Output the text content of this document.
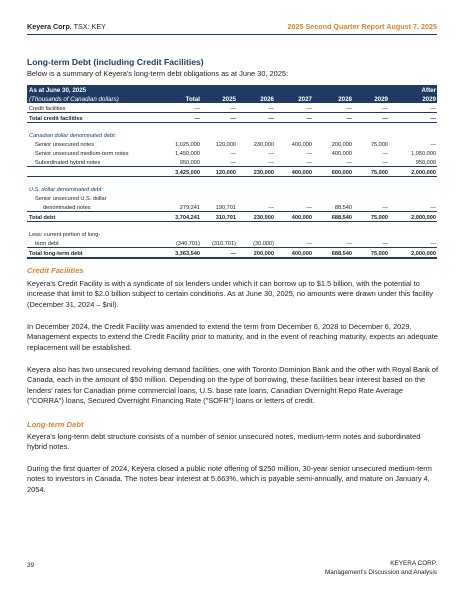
Keyera Corp. TSX: KEY	2025 Second Quarter Report August 7, 2025
Long-term Debt (including Credit Facilities)
Below is a summary of Keyera's long-term debt obligations as at June 30, 2025:
As at June 30, 2025							After
(Thousands of Canadian dollars)	Total	2025	2026	2027	2028	2029	2029
Credit facilities	—	—	—	—	—	—	—
Total credit facilities	—	—	—	—	—	—	—

Canadian dollar denominated debt:							
Senior unsecured notes	1,025,000	120,000	230,000	400,000	200,000	75,000	—
Senior unsecured medium-term notes	1,450,000	—	—	—	400,000	—	1,050,000
Subordinated hybrid notes	950,000	—	—	—	—	—	950,000
	3,425,000	120,000	230,000	400,000	600,000	75,000	2,000,000

U.S. dollar denominated debt:							
Senior unsecured U.S. dollar							
denominated notes	279,241	190,701	—	—	88,540	—	—
Total debt	3,704,241	310,701	230,000	400,000	688,540	75,000	2,000,000

Less: current portion of long-							
term debt	(340,701)	(310,701)	(30,000)	—	—	—	—
Total long-term debt	3,363,540	—	200,000	400,000	688,540	75,000	2,000,000
Credit Facilities
Keyera's Credit Facility is with a syndicate of six lenders under which it can borrow up to $1.5 billion, with the potential to increase that limit to $2.0 billion subject to certain conditions. As at June 30, 2025, no amounts were drawn under this facility (December 31, 2024 – $nil).
In December 2024, the Credit Facility was amended to extend the term from December 6, 2028 to December 6, 2029. Management expects to extend the Credit Facility prior to maturity, and in the event of reaching maturity, expects an adequate replacement will be established.
Keyera also has two unsecured revolving demand facilities, one with Toronto Dominion Bank and the other with Royal Bank of Canada, each in the amount of $50 million. Depending on the type of borrowing, these facilities bear interest based on the lenders' rates for Canadian prime commercial loans, U.S. base rate loans, Canadian Overnight Repo Rate Average ("CORRA") loans, Secured Overnight Financing Rate ("SOFR") loans or letters of credit.
Long-term Debt
Keyera's long-term debt structure consists of a number of senior unsecured notes, medium-term notes and subordinated hybrid notes.
During the first quarter of 2024, Keyera closed a public note offering of $250 million, 30-year senior unsecured medium-term notes to investors in Canada. The notes bear interest at 5.663%, which is payable semi-annually, and mature on January 4, 2054.
39	KEYERA CORP.
Management's Discussion and Analysis
